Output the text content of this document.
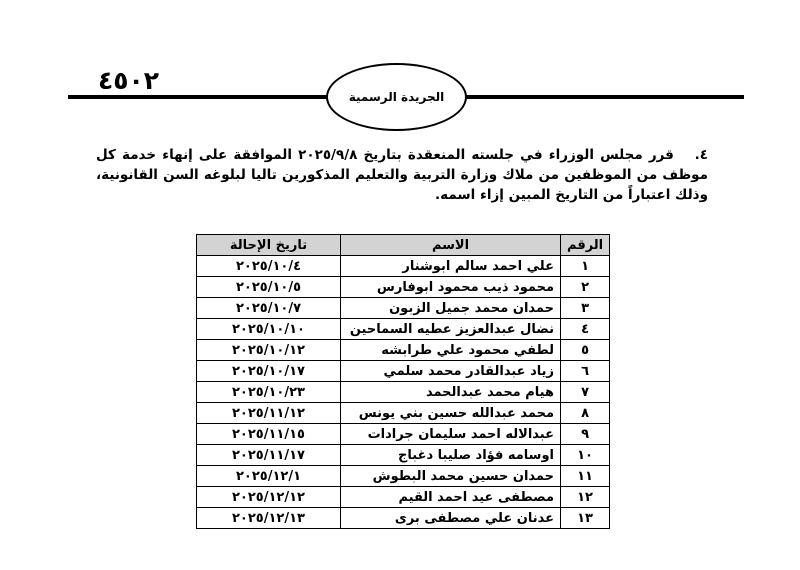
٤٥٠٢
الجريدة الرسمية
٤. قرر مجلس الوزراء في جلسته المنعقدة بتاريخ ٢٠٢٥/٩/٨ الموافقة على إنهاء خدمة كل موظف من الموظفين من ملاك وزارة التربية والتعليم المذكورين تاليا لبلوغه السن القانونية، وذلك اعتباراً من التاريخ المبين إزاء اسمه.
الرقم	الاسم	تاريخ الإحالة
١	علي احمد سالم ابوشنار	٢٠٢٥/١٠/٤
٢	محمود ذيب محمود ابوفارس	٢٠٢٥/١٠/٥
٣	حمدان محمد جميل الزبون	٢٠٢٥/١٠/٧
٤	نضال عبدالعزيز عطيه السماحين	٢٠٢٥/١٠/١٠
٥	لطفي محمود علي طرابشه	٢٠٢٥/١٠/١٢
٦	زياد عبدالقادر محمد سلمي	٢٠٢٥/١٠/١٧
٧	هيام محمد عبدالحمد	٢٠٢٥/١٠/٢٣
٨	محمد عبدالله حسين بني يونس	٢٠٢٥/١١/١٢
٩	عبدالاله احمد سليمان جرادات	٢٠٢٥/١١/١٥
١٠	اوسامه فؤاد صليبا دغباج	٢٠٢٥/١١/١٧
١١	حمدان حسين محمد البطوش	٢٠٢٥/١٢/١
١٢	مصطفى عيد احمد القيم	٢٠٢٥/١٢/١٢
١٣	عدنان علي مصطفى برى	٢٠٢٥/١٢/١٣
